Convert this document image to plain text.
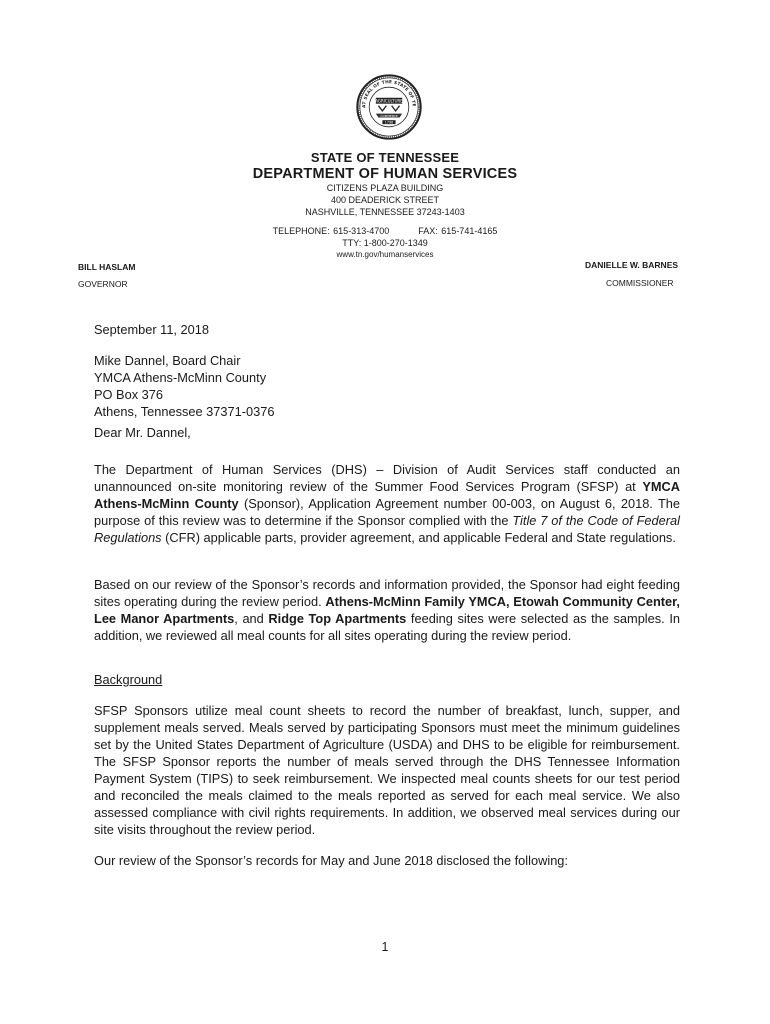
AT SEAL OF THE STATE OF TE
AGRICULTURE
COMMERCE
1796
STATE OF TENNESSEE
DEPARTMENT OF HUMAN SERVICES
CITIZENS PLAZA BUILDING
400 DEADERICK STREET
NASHVILLE, TENNESSEE 37243-1403
TELEPHONE: 615-313-4700	FAX: 615-741-4165
TTY: 1-800-270-1349
www.tn.gov/humanservices
BILL HASLAM
GOVERNOR
DANIELLE W. BARNES
COMMISSIONER
September 11, 2018
Mike Dannel, Board Chair
YMCA Athens-McMinn County
PO Box 376
Athens, Tennessee 37371-0376
Dear Mr. Dannel,
The Department of Human Services (DHS) – Division of Audit Services staff conducted an unannounced on-site monitoring review of the Summer Food Services Program (SFSP) at YMCA Athens-McMinn County (Sponsor), Application Agreement number 00-003, on August 6, 2018. The purpose of this review was to determine if the Sponsor complied with the Title 7 of the Code of Federal Regulations (CFR) applicable parts, provider agreement, and applicable Federal and State regulations.
Based on our review of the Sponsor’s records and information provided, the Sponsor had eight feeding sites operating during the review period. Athens-McMinn Family YMCA, Etowah Community Center, Lee Manor Apartments, and Ridge Top Apartments feeding sites were selected as the samples. In addition, we reviewed all meal counts for all sites operating during the review period.
Background
SFSP Sponsors utilize meal count sheets to record the number of breakfast, lunch, supper, and supplement meals served. Meals served by participating Sponsors must meet the minimum guidelines set by the United States Department of Agriculture (USDA) and DHS to be eligible for reimbursement. The SFSP Sponsor reports the number of meals served through the DHS Tennessee Information Payment System (TIPS) to seek reimbursement. We inspected meal counts sheets for our test period and reconciled the meals claimed to the meals reported as served for each meal service. We also assessed compliance with civil rights requirements. In addition, we observed meal services during our site visits throughout the review period.
Our review of the Sponsor’s records for May and June 2018 disclosed the following:
1
